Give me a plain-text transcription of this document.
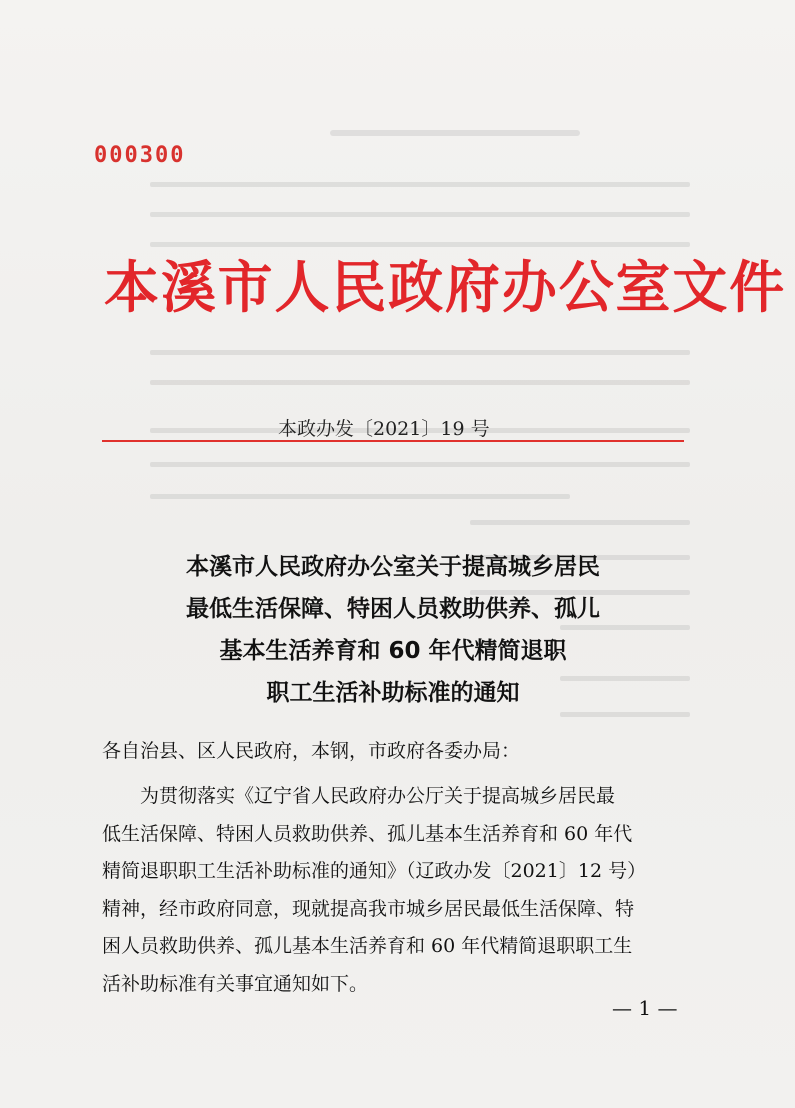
000300
本溪市人民政府办公室文件
本政办发〔2021〕19 号
本溪市人民政府办公室关于提高城乡居民
最低生活保障、特困人员救助供养、孤儿
基本生活养育和 60 年代精简退职
职工生活补助标准的通知
各自治县、区人民政府，本钢，市政府各委办局：
为贯彻落实《辽宁省人民政府办公厅关于提高城乡居民最
低生活保障、特困人员救助供养、孤儿基本生活养育和 60 年代
精简退职职工生活补助标准的通知》（辽政办发〔2021〕12 号）
精神，经市政府同意，现就提高我市城乡居民最低生活保障、特
困人员救助供养、孤儿基本生活养育和 60 年代精简退职职工生
活补助标准有关事宜通知如下。
— 1 —
